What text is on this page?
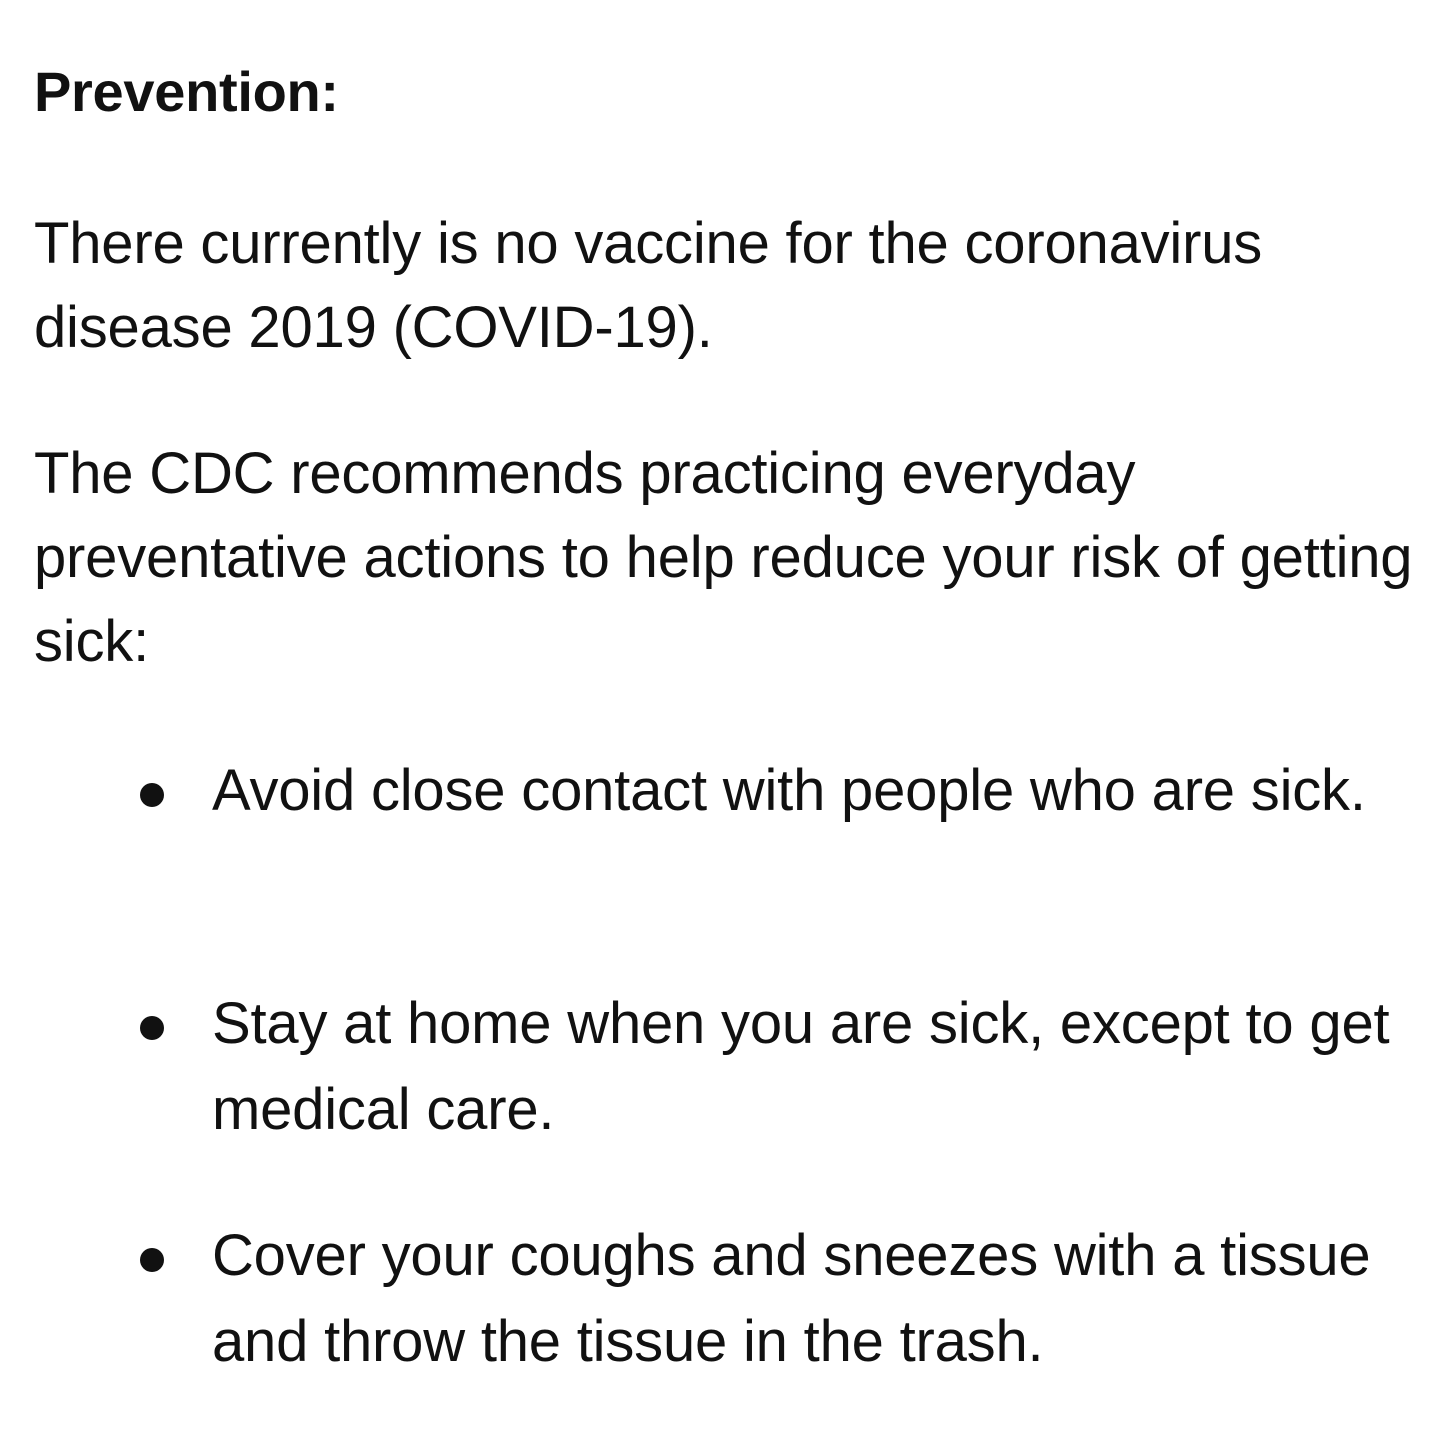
Prevention:

There currently is no vaccine for the coronavirus disease 2019 (COVID-19).

The CDC recommends practicing everyday preventative actions to help reduce your risk of getting sick:

Avoid close contact with people who are sick.
Stay at home when you are sick, except to get medical care.
Cover your coughs and sneezes with a tissue and throw the tissue in the trash.
